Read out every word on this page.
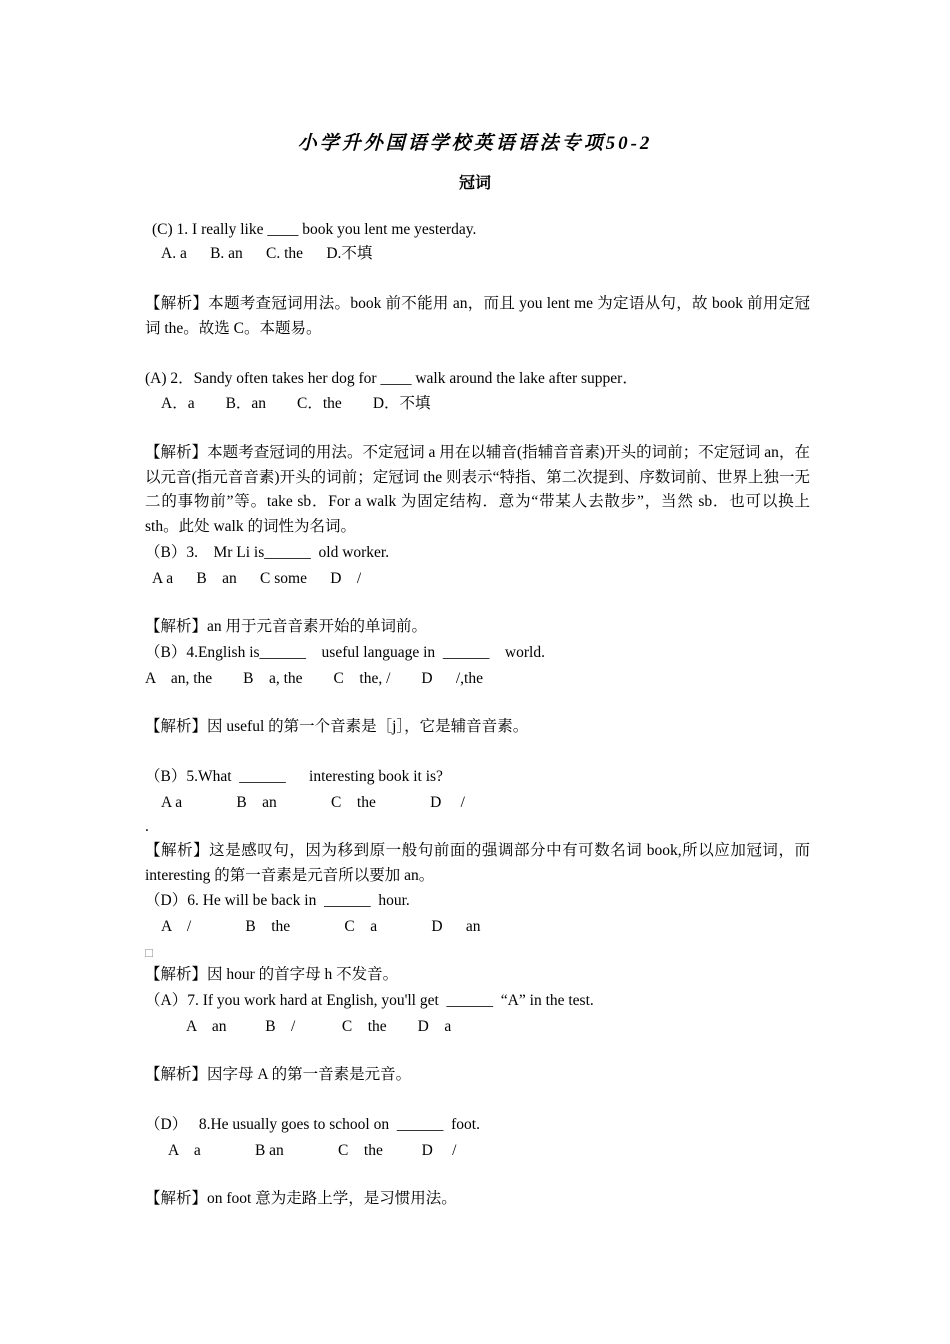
小学升外国语学校英语语法专项50-2
冠词
(C) 1. I really like ____ book you lent me yesterday.
A. a      B. an      C. the      D.不填
【解析】本题考查冠词用法。book 前不能用 an，而且 you lent me 为定语从句，故 book 前用定冠词 the。故选 C。本题易。
(A) 2．Sandy often takes her dog for ____ walk around the lake after supper．
A．a        B．an        C．the        D．不填
【解析】本题考查冠词的用法。不定冠词 a 用在以辅音(指辅音音素)开头的词前；不定冠词 an，在以元音(指元音音素)开头的词前；定冠词 the 则表示“特指、第二次提到、序数词前、世界上独一无二的事物前”等。take sb．For a walk 为固定结构．意为“带某人去散步”，当然 sb．也可以换上 sth。此处 walk 的词性为名词。
（B）3.    Mr Li is______  old worker.
A a      B    an      C some      D    /
【解析】an 用于元音音素开始的单词前。
（B）4.English is______    useful language in  ______    world.
A    an, the        B    a, the        C    the, /        D      /,the
【解析】因 useful 的第一个音素是［j］，它是辅音音素。
（B）5.What  ______      interesting book it is?
A a              B    an              C    the              D     /
.
【解析】这是感叹句，因为移到原一般句前面的强调部分中有可数名词 book,所以应加冠词，而 interesting 的第一音素是元音所以要加 an。
（D）6. He will be back in  ______  hour.
A    /              B    the              C    a              D      an
□
【解析】因 hour 的首字母 h 不发音。
（A）7. If you work hard at English, you'll get  ______  “A” in the test.
A    an          B    /            C    the        D    a
【解析】因字母 A 的第一音素是元音。
（D）   8.He usually goes to school on  ______  foot.
A    a              B an              C    the          D     /
【解析】on foot 意为走路上学，是习惯用法。
